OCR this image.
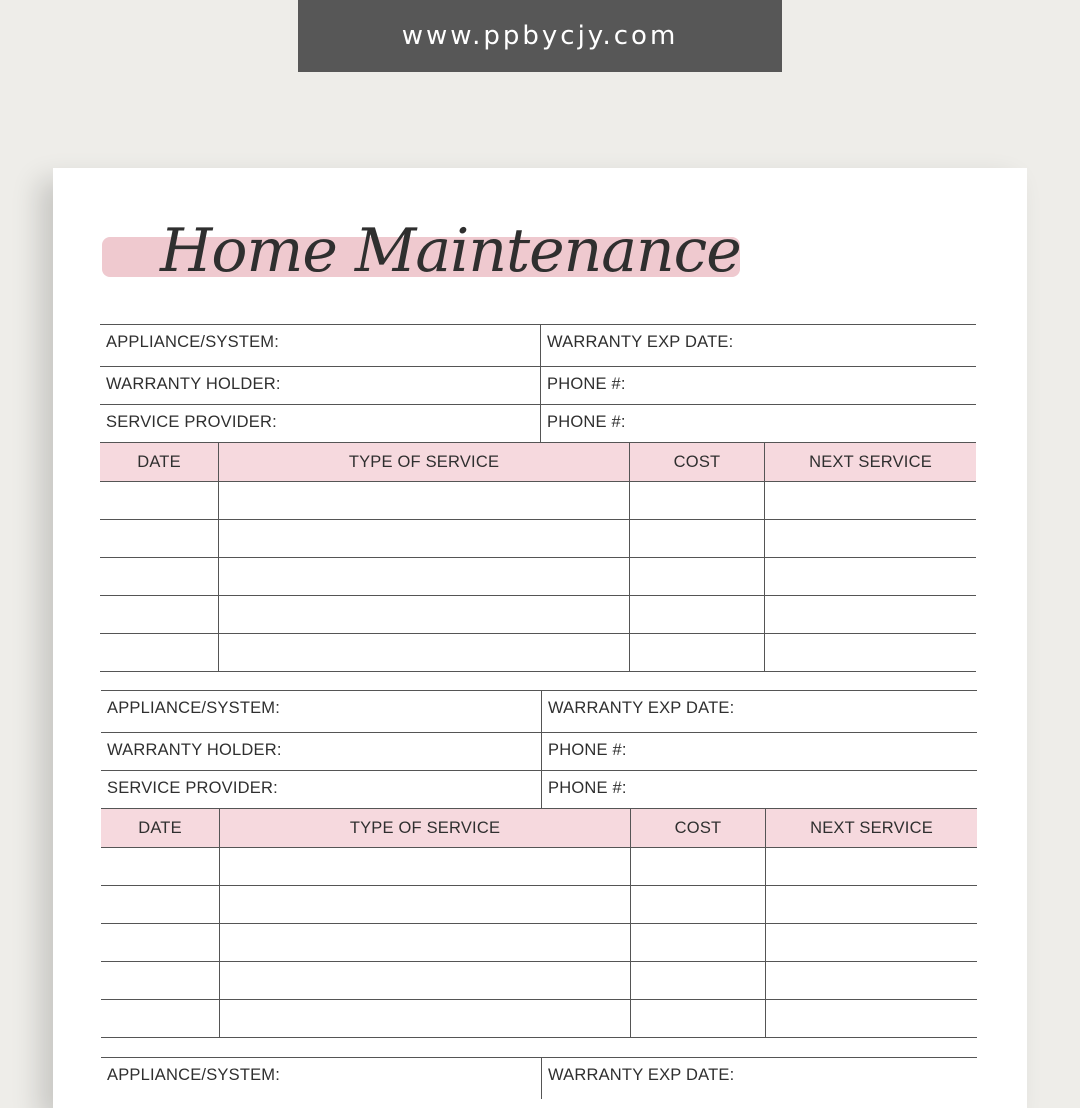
www.ppbycjy.com
Home Maintenance
APPLIANCE/SYSTEM:	WARRANTY EXP DATE:
WARRANTY HOLDER:	PHONE #:
SERVICE PROVIDER:	PHONE #:
DATE	TYPE OF SERVICE	COST	NEXT SERVICE
APPLIANCE/SYSTEM:	WARRANTY EXP DATE:
WARRANTY HOLDER:	PHONE #:
SERVICE PROVIDER:	PHONE #:
DATE	TYPE OF SERVICE	COST	NEXT SERVICE
APPLIANCE/SYSTEM:	WARRANTY EXP DATE:
